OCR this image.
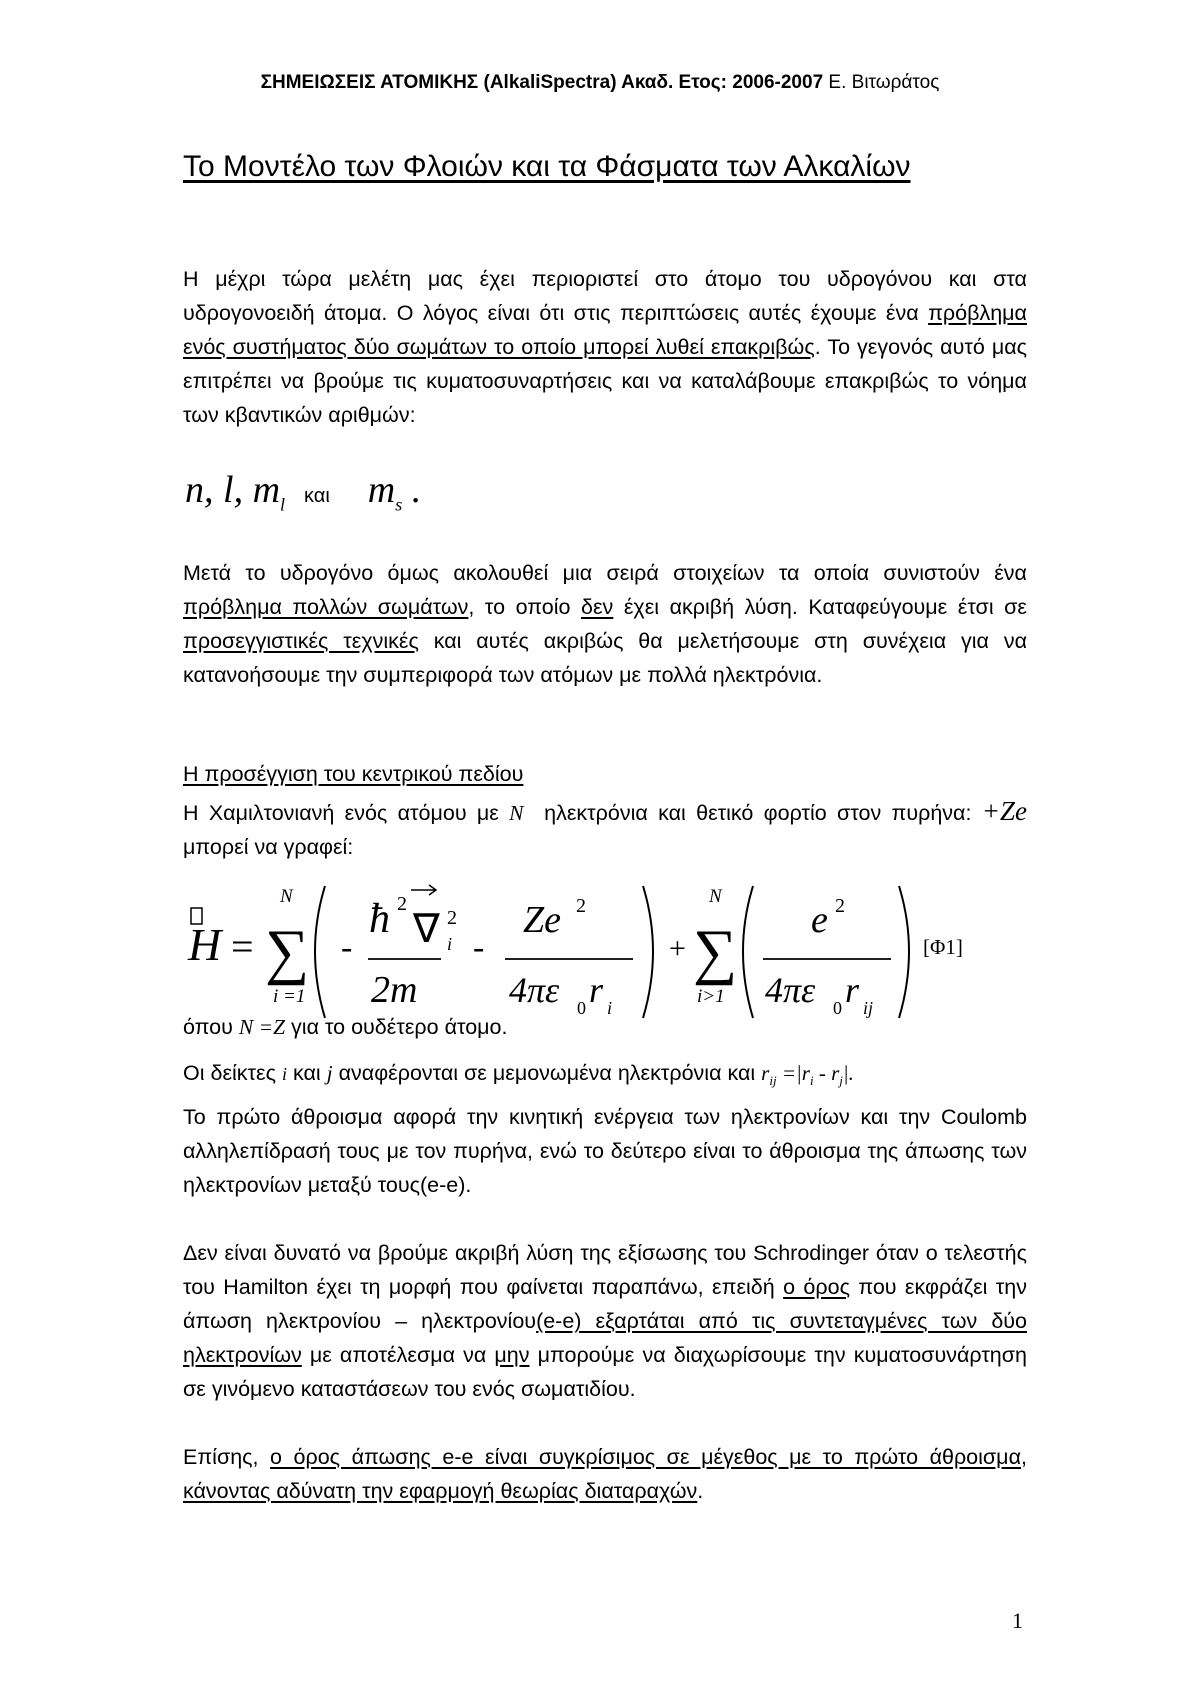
ΣΗΜΕΙΩΣΕΙΣ ΑΤΟΜΙΚΗΣ (AlkaliSpectra) Ακαδ. Ετος: 2006-2007 Ε. Βιτωράτος
Το Μοντέλο των Φλοιών και τα Φάσματα των Αλκαλίων

Η μέχρι τώρα μελέτη μας έχει περιοριστεί στο άτομο του υδρογόνου και στα υδρογονοειδή άτομα. Ο λόγος είναι ότι στις περιπτώσεις αυτές έχουμε ένα πρόβλημα ενός συστήματος δύο σωμάτων το οποίο μπορεί λυθεί επακριβώς. Το γεγονός αυτό μας επιτρέπει να βρούμε τις κυματοσυναρτήσεις και να καταλάβουμε επακριβώς το νόημα των κβαντικών αριθμών:

n, l, $m_l$ και $m_s$ .

Μετά το υδρογόνο όμως ακολουθεί μια σειρά στοιχείων τα οποία συνιστούν ένα πρόβλημα πολλών σωμάτων, το οποίο δεν έχει ακριβή λύση. Καταφεύγουμε έτσι σε προσεγγιστικές τεχνικές και αυτές ακριβώς θα μελετήσουμε στη συνέχεια για να κατανοήσουμε την συμπεριφορά των ατόμων με πολλά ηλεκτρόνια.

Η προσέγγιση του κεντρικού πεδίου

Η Χαμιλτονιανή ενός ατόμου με N  ηλεκτρόνια και θετικό φορτίο στον πυρήνα: +Ze μπορεί να γραφεί:

H =
N
∑
i =1
-
ħ 2
∇ 2
i
2m
-
Ze 2
4πε 0 r i
+
N
∑
i>1
e 2
4πε 0 r ij
[Φ1]

όπου N =Z για το ουδέτερο άτομο.

Οι δείκτες i και j αναφέρονται σε μεμονωμένα ηλεκτρόνια και $r_{ij} =|r_i - r_j|$.

Το πρώτο άθροισμα αφορά την κινητική ενέργεια των ηλεκτρονίων και την Coulomb αλληλεπίδρασή τους με τον πυρήνα, ενώ το δεύτερο είναι το άθροισμα της άπωσης των ηλεκτρονίων μεταξύ τους(e-e).

Δεν είναι δυνατό να βρούμε ακριβή λύση της εξίσωσης του Schrodinger όταν ο τελεστής του Hamilton έχει τη μορφή που φαίνεται παραπάνω, επειδή ο όρος που εκφράζει την άπωση ηλεκτρονίου – ηλεκτρονίου(e-e) εξαρτάται από τις συντεταγμένες των δύο ηλεκτρονίων με αποτέλεσμα να μην μπορούμε να διαχωρίσουμε την κυματοσυνάρτηση σε γινόμενο καταστάσεων του ενός σωματιδίου.

Επίσης, ο όρος άπωσης e-e είναι συγκρίσιμος σε μέγεθος με το πρώτο άθροισμα, κάνοντας αδύνατη την εφαρμογή θεωρίας διαταραχών.

1
